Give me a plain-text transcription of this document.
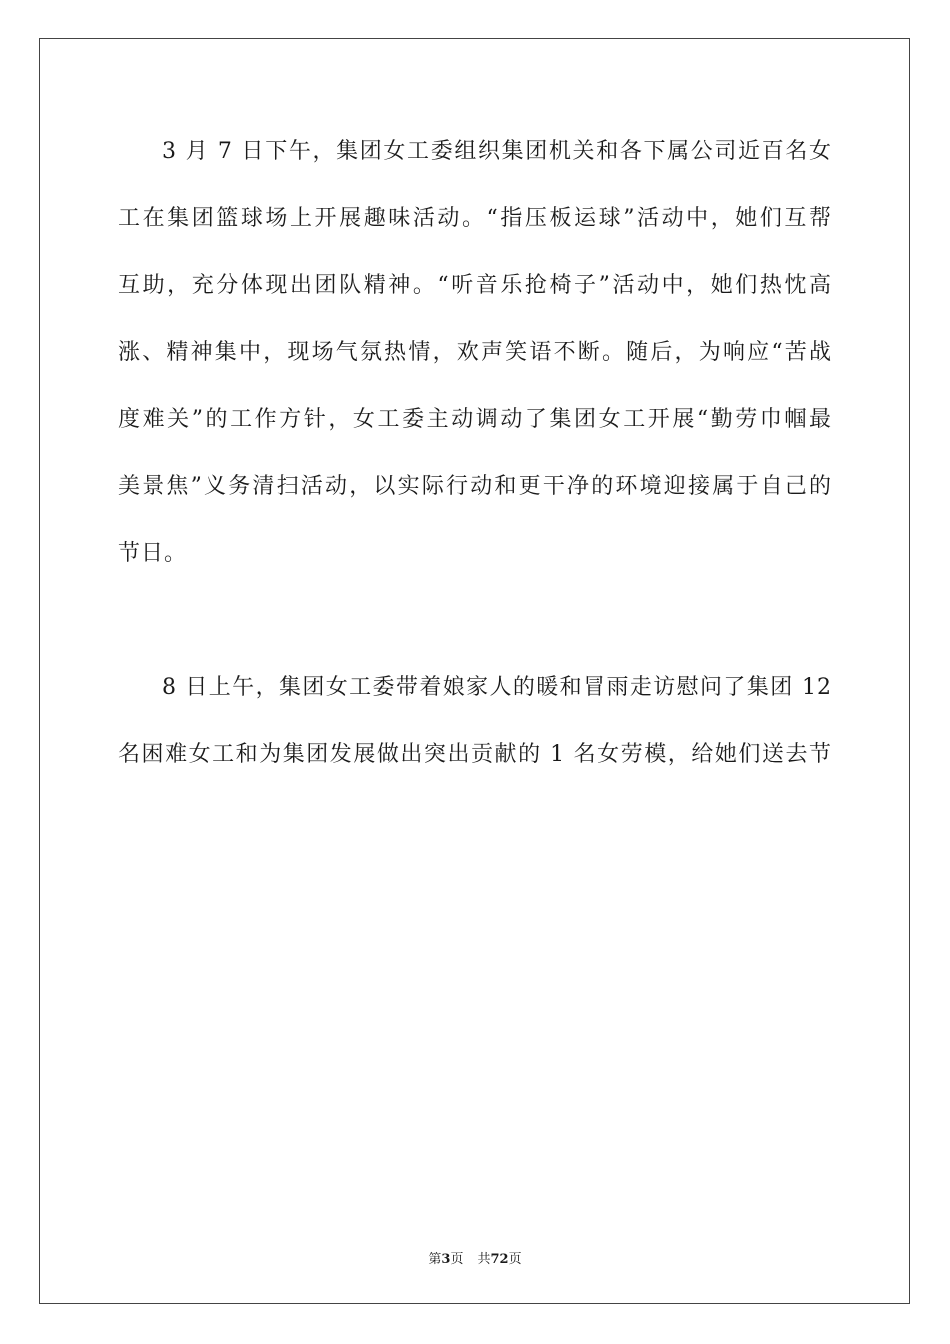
3 月 7 日下午，集团女工委组织集团机关和各下属公司近百名女
工在集团篮球场上开展趣味活动。“指压板运球”活动中，她们互帮
互助，充分体现出团队精神。“听音乐抢椅子”活动中，她们热忱高
涨、精神集中，现场气氛热情，欢声笑语不断。随后，为响应“苦战
度难关”的工作方针，女工委主动调动了集团女工开展“勤劳巾帼最
美景焦”义务清扫活动，以实际行动和更干净的环境迎接属于自己的
节日。
8 日上午，集团女工委带着娘家人的暖和冒雨走访慰问了集团 12
名困难女工和为集团发展做出突出贡献的 1 名女劳模，给她们送去节
第3页 共72页
